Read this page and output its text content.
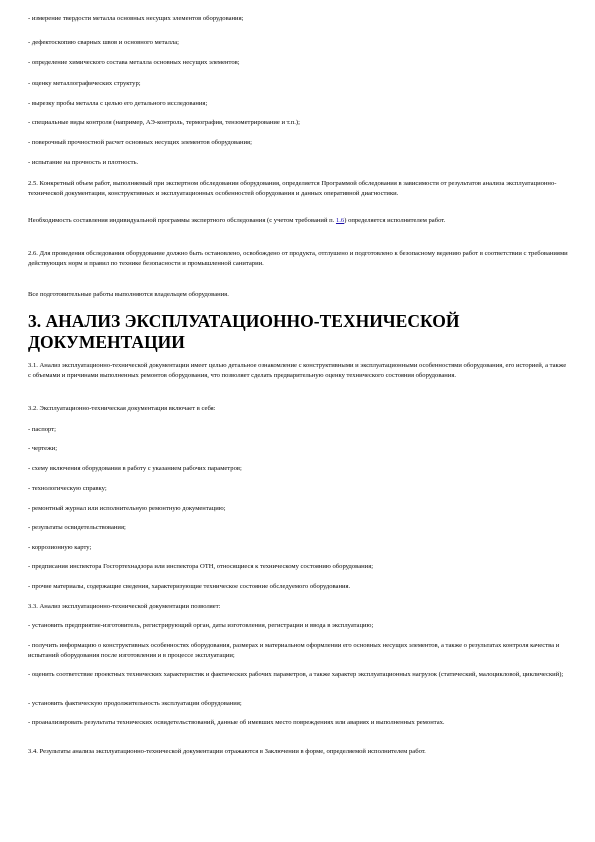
- измерение твердости металла основных несущих элементов оборудования;
- дефектоскопию сварных швов и основного металла;
- определение химического состава металла основных несущих элементов;
- оценку металлографических структур;
- вырезку пробы металла с целью его детального исследования;
- специальные виды контроля (например, АЭ-контроль, термография, тензометрирование и т.п.);
- поверочный прочностной расчет основных несущих элементов оборудования;
- испытание на прочность и плотность.
2.5. Конкретный объем работ, выполняемый при экспертном обследовании оборудования, определяется Программой обследования в зависимости от результатов анализа эксплуатационно-технической документации, конструктивных и эксплуатационных особенностей оборудования и данных оперативной диагностики.
Необходимость составления индивидуальной программы экспертного обследования (с учетом требований п. 1.6) определяется исполнителем работ.
2.6. Для проведения обследования оборудование должно быть остановлено, освобождено от продукта, отглушено и подготовлено к безопасному ведению работ в соответствии с требованиями действующих норм и правил по технике безопасности и промышленной санитарии.
Все подготовительные работы выполняются владельцем оборудования.
3. АНАЛИЗ ЭКСПЛУАТАЦИОННО-ТЕХНИЧЕСКОЙ ДОКУМЕНТАЦИИ
3.1. Анализ эксплуатационно-технической документации имеет целью детальное ознакомление с конструктивными и эксплуатационными особенностями оборудования, его историей, а также с объемами и причинами выполненных ремонтов оборудования, что позволяет сделать предварительную оценку технического состояния оборудования.
3.2. Эксплуатационно-техническая документация включает в себя:
- паспорт;
- чертежи;
- схему включения оборудования в работу с указанием рабочих параметров;
- технологическую справку;
- ремонтный журнал или исполнительную ремонтную документацию;
- результаты освидетельствования;
- коррозионную карту;
- предписания инспектора Госгортехнадзора или инспектора ОТН, относящиеся к техническому состоянию оборудования;
- прочие материалы, содержащие сведения, характеризующие техническое состояние обследуемого оборудования.
3.3. Анализ эксплуатационно-технической документации позволяет:
- установить предприятие-изготовитель, регистрирующий орган, даты изготовления, регистрации и ввода в эксплуатацию;
- получить информацию о конструктивных особенностях оборудования, размерах и материальном оформлении его основных несущих элементов, а также о результатах контроля качества и испытаний оборудования после изготовления и в процессе эксплуатации;
- оценить соответствие проектных технических характеристик и фактических рабочих параметров, а также характер эксплуатационных нагрузок (статический, малоцикловой, циклический);
- установить фактическую продолжительность эксплуатации оборудования;
- проанализировать результаты технических освидетельствований, данные об имевших место повреждениях или авариях и выполненных ремонтах.
3.4. Результаты анализа эксплуатационно-технической документации отражаются в Заключении в форме, определяемой исполнителем работ.
